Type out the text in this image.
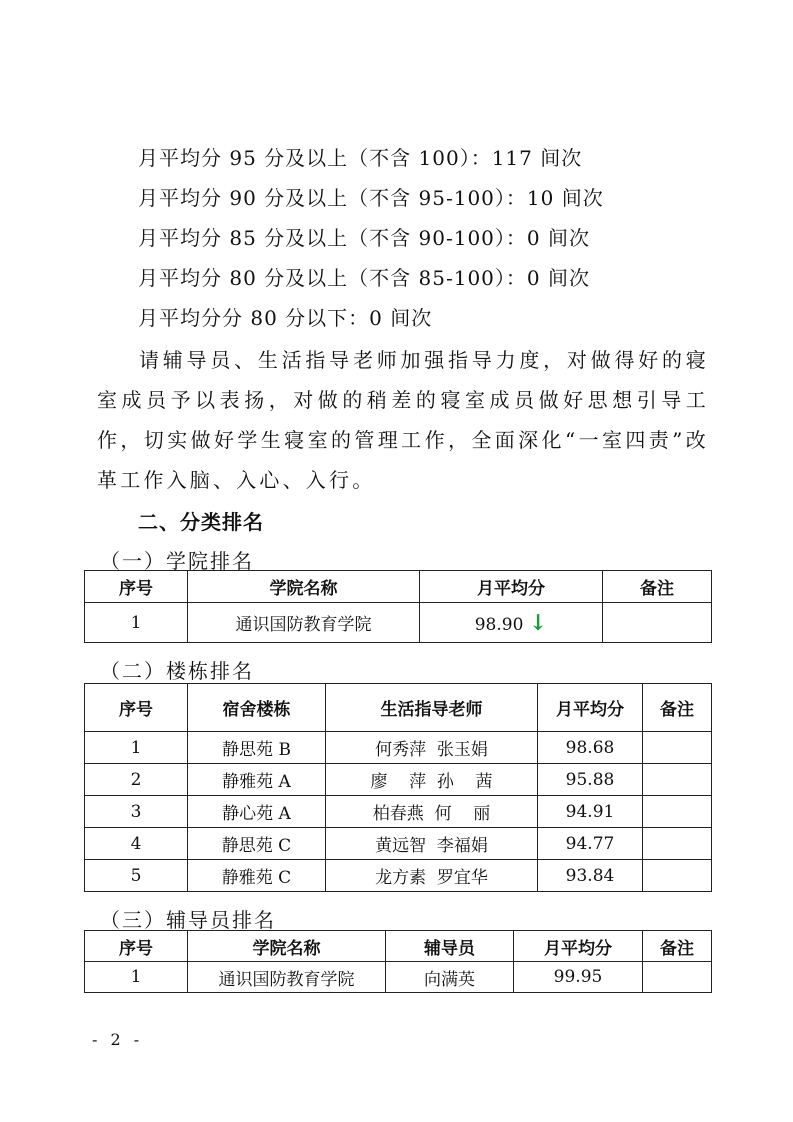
月平均分 95 分及以上（不含 100）：117 间次
月平均分 90 分及以上（不含 95-100）：10 间次
月平均分 85 分及以上（不含 90-100）：0 间次
月平均分 80 分及以上（不含 85-100）：0 间次
月平均分分 80 分以下：0 间次
请辅导员、生活指导老师加强指导力度，对做得好的寝室成员予以表扬，对做的稍差的寝室成员做好思想引导工作，切实做好学生寝室的管理工作，全面深化“一室四责”改革工作入脑、入心、入行。
二、分类排名
（一）学院排名
序号	学院名称	月平均分	备注
1	通识国防教育学院	98.90 ↓	
（二）楼栋排名
序号	宿舍楼栋	生活指导老师	月平均分	备注
1	静思苑 B	何秀萍  张玉娟	98.68	
2	静雅苑 A	廖    萍  孙    茜	95.88	
3	静心苑 A	柏春燕  何    丽	94.91	
4	静思苑 C	黄远智  李福娟	94.77	
5	静雅苑 C	龙方素  罗宜华	93.84	
（三）辅导员排名
序号	学院名称	辅导员	月平均分	备注
1	通识国防教育学院	向满英	99.95	
- 2 -
